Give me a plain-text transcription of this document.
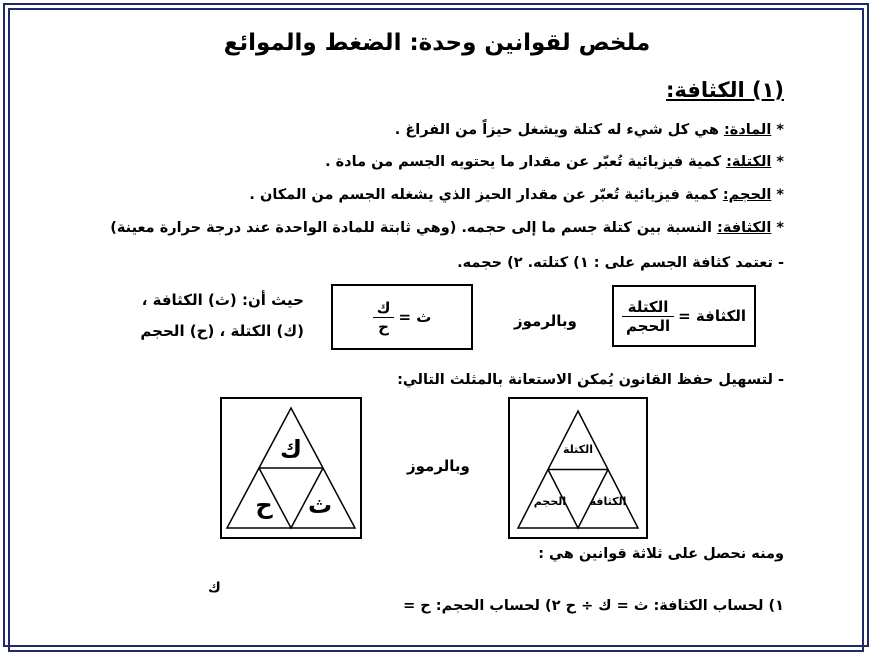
ملخص لقوانين وحدة: الضغط والموائع
(١) الكثافة:
* المادة: هي كل شيء له كتلة ويشغل حيزاً من الفراغ .
* الكتلة: كمية فيزيائية تُعبّر عن مقدار ما يحتويه الجسم من مادة .
* الحجم: كمية فيزيائية تُعبّر عن مقدار الحيز الذي يشغله الجسم من المكان .
* الكثافة: النسبة بين كتلة جسم ما إلى حجمه. (وهي ثابتة للمادة الواحدة عند درجة حرارة معينة)
- تعتمد كثافة الجسم على : ١) كتلته. ٢) حجمه.
الكثافة =
$\frac{\text{الكتلة}}{\text{الحجم}}$
وبالرموز
ث =
$\frac{\text{ك}}{\text{ح}}$
حيث أن: (ث) الكثافة ،
(ك) الكتلة ، (ح) الحجم
- لتسهيل حفظ القانون يُمكن الاستعانة بالمثلث التالي:
الكتلة
الكثافة
الحجم
وبالرموز
ك
ث
ح
ومنه نحصل على ثلاثة قوانين هي :
١) لحساب الكثافة: ث = ك ÷ ح ٢) لحساب الحجم: ح =
ك
